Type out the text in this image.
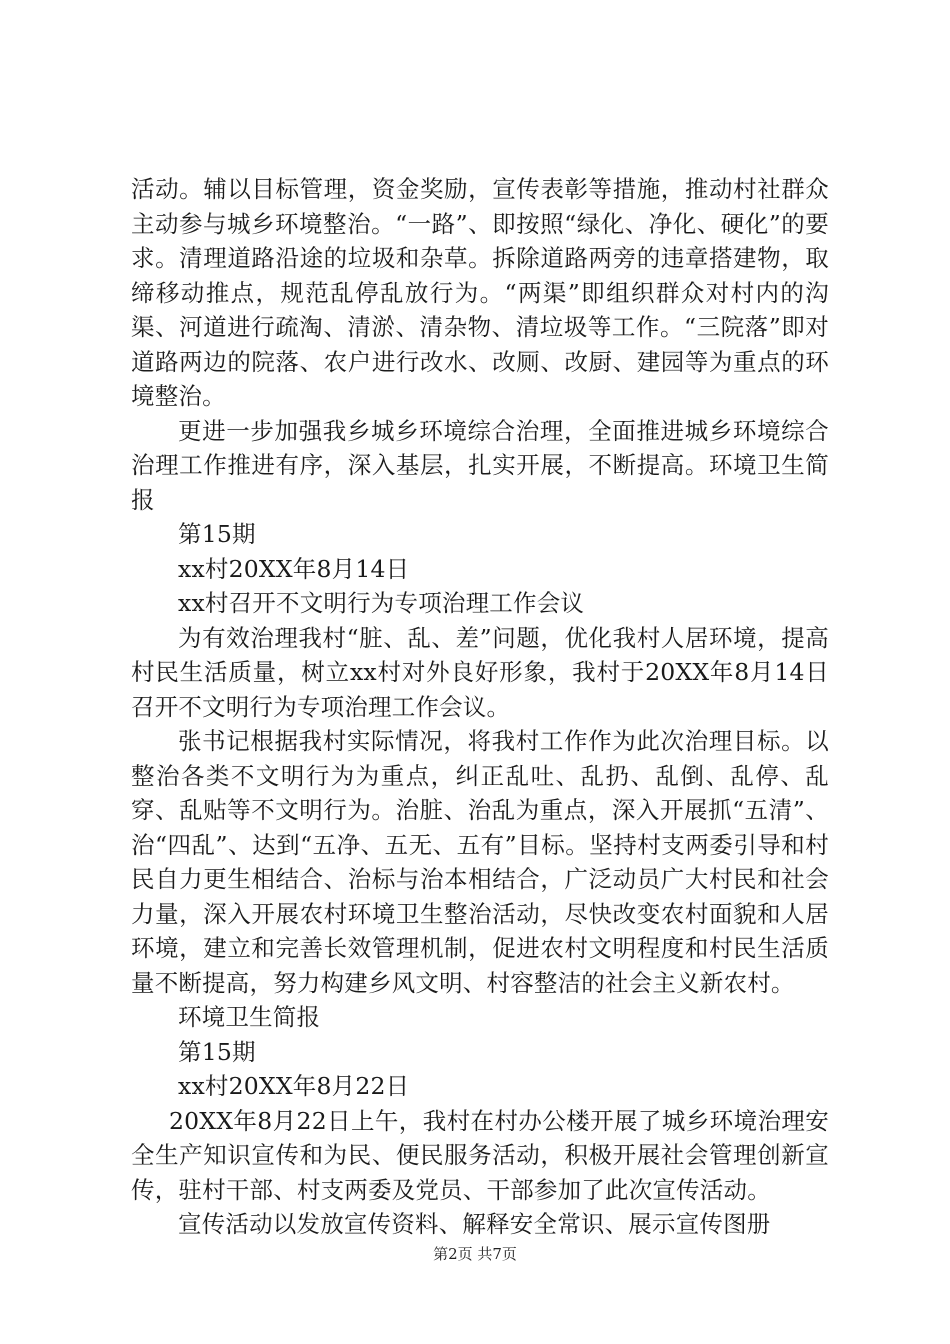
活动。辅以目标管理，资金奖励，宣传表彰等措施，推动村社群众主动参与城乡环境整治。“一路”、即按照“绿化、净化、硬化”的要求。清理道路沿途的垃圾和杂草。拆除道路两旁的违章搭建物，取缔移动推点，规范乱停乱放行为。“两渠”即组织群众对村内的沟渠、河道进行疏淘、清淤、清杂物、清垃圾等工作。“三院落”即对道路两边的院落、农户进行改水、改厕、改厨、建园等为重点的环境整治。

更进一步加强我乡城乡环境综合治理，全面推进城乡环境综合治理工作推进有序，深入基层，扎实开展，不断提高。环境卫生简报

第15期

xx村20XX年8月14日

xx村召开不文明行为专项治理工作会议

为有效治理我村“脏、乱、差”问题，优化我村人居环境，提高村民生活质量，树立xx村对外良好形象，我村于20XX年8月14日召开不文明行为专项治理工作会议。

张书记根据我村实际情况，将我村工作作为此次治理目标。以整治各类不文明行为为重点，纠正乱吐、乱扔、乱倒、乱停、乱穿、乱贴等不文明行为。治脏、治乱为重点，深入开展抓“五清”、治“四乱”、达到“五净、五无、五有”目标。坚持村支两委引导和村民自力更生相结合、治标与治本相结合，广泛动员广大村民和社会力量，深入开展农村环境卫生整治活动，尽快改变农村面貌和人居环境，建立和完善长效管理机制，促进农村文明程度和村民生活质量不断提高，努力构建乡风文明、村容整洁的社会主义新农村。

环境卫生简报

第15期

xx村20XX年8月22日

20XX年8月22日上午，我村在村办公楼开展了城乡环境治理安全生产知识宣传和为民、便民服务活动，积极开展社会管理创新宣传，驻村干部、村支两委及党员、干部参加了此次宣传活动。

宣传活动以发放宣传资料、解释安全常识、展示宣传图册

第2页 共7页
